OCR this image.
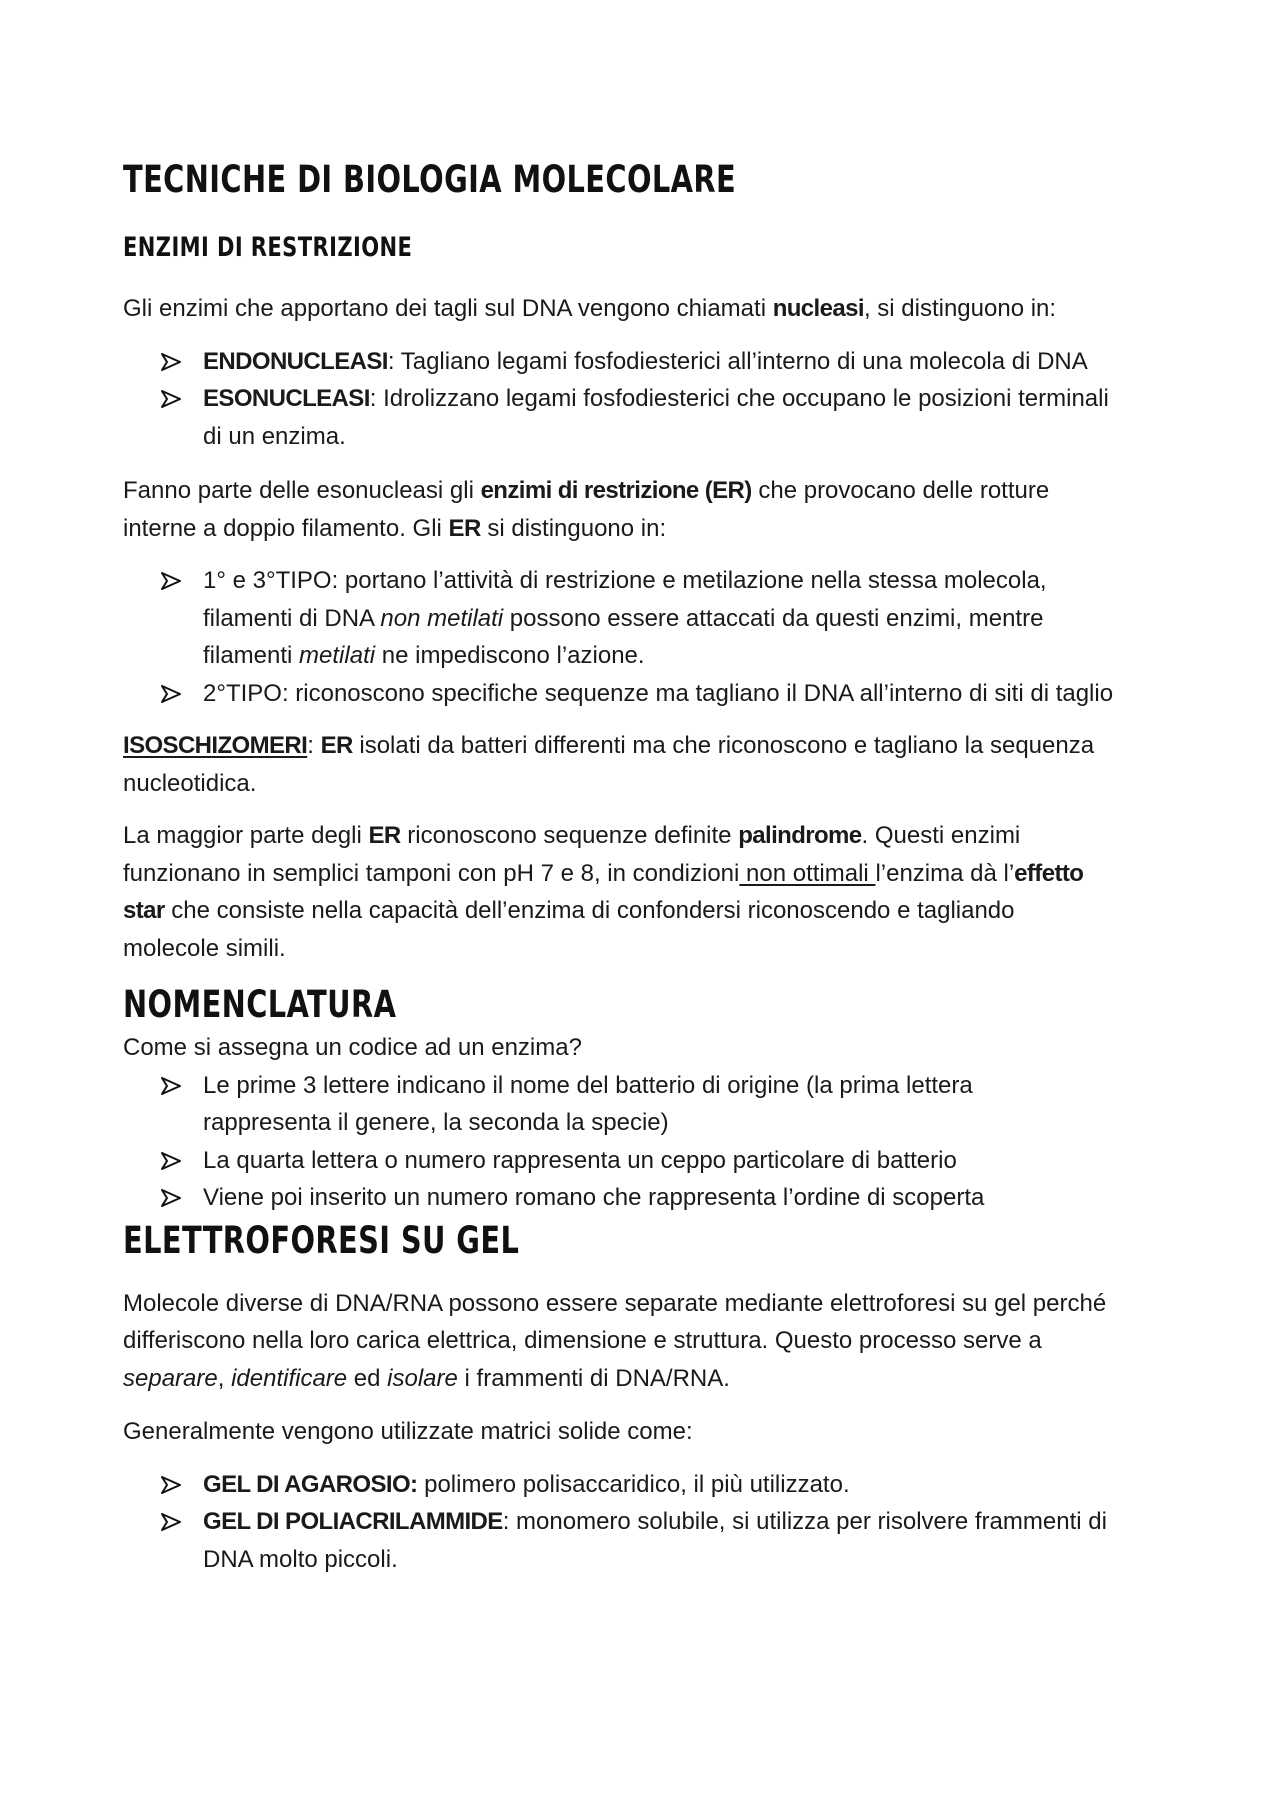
TECNICHE DI BIOLOGIA MOLECOLARE
ENZIMI DI RESTRIZIONE

Gli enzimi che apportano dei tagli sul DNA vengono chiamati nucleasi, si distinguono in:

ENDONUCLEASI: Tagliano legami fosfodiesterici all’interno di una molecola di DNA
ESONUCLEASI: Idrolizzano legami fosfodiesterici che occupano le posizioni terminali
di un enzima.

Fanno parte delle esonucleasi gli enzimi di restrizione (ER) che provocano delle rotture
interne a doppio filamento. Gli ER si distinguono in:

1° e 3°TIPO: portano l’attività di restrizione e metilazione nella stessa molecola,
filamenti di DNA non metilati possono essere attaccati da questi enzimi, mentre
filamenti metilati ne impediscono l’azione.
2°TIPO: riconoscono specifiche sequenze ma tagliano il DNA all’interno di siti di taglio

ISOSCHIZOMERI: ER isolati da batteri differenti ma che riconoscono e tagliano la sequenza
nucleotidica.

La maggior parte degli ER riconoscono sequenze definite palindrome. Questi enzimi
funzionano in semplici tamponi con pH 7 e 8, in condizioni non ottimali l’enzima dà l’effetto
star che consiste nella capacità dell’enzima di confondersi riconoscendo e tagliando
molecole simili.

NOMENCLATURA

Come si assegna un codice ad un enzima?

Le prime 3 lettere indicano il nome del batterio di origine (la prima lettera
rappresenta il genere, la seconda la specie)
La quarta lettera o numero rappresenta un ceppo particolare di batterio
Viene poi inserito un numero romano che rappresenta l’ordine di scoperta
ELETTROFORESI SU GEL

Molecole diverse di DNA/RNA possono essere separate mediante elettroforesi su gel perché
differiscono nella loro carica elettrica, dimensione e struttura. Questo processo serve a
separare, identificare ed isolare i frammenti di DNA/RNA.

Generalmente vengono utilizzate matrici solide come:

GEL DI AGAROSIO: polimero polisaccaridico, il più utilizzato.
GEL DI POLIACRILAMMIDE: monomero solubile, si utilizza per risolvere frammenti di
DNA molto piccoli.
